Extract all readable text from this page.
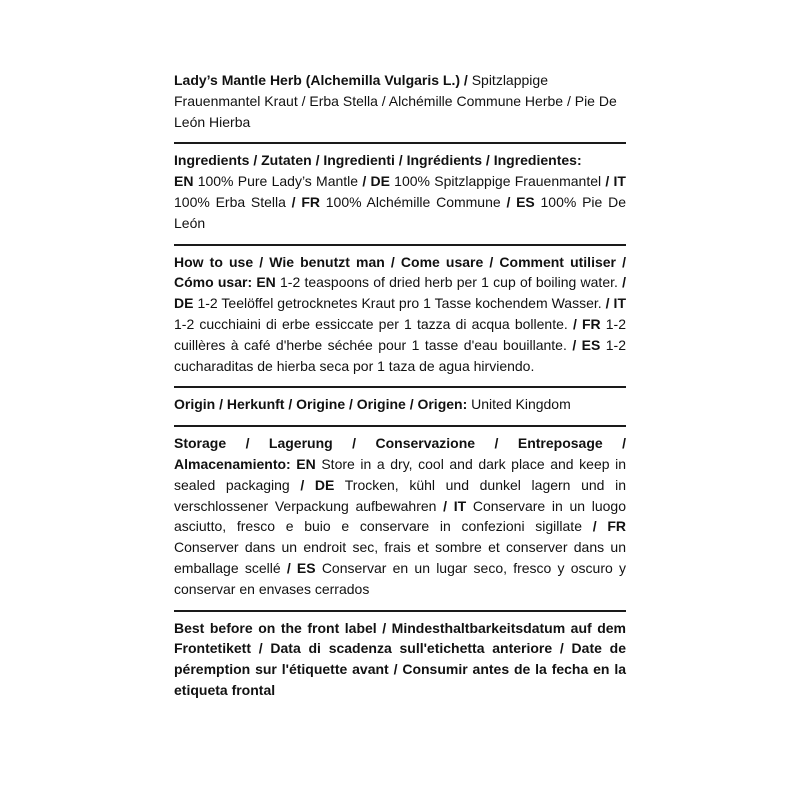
Lady’s Mantle Herb (Alchemilla Vulgaris L.) / Spitzlappige Frauenmantel Kraut / Erba Stella / Alchémille Commune Herbe / Pie De León Hierba

Ingredients / Zutaten / Ingredienti / Ingrédients / Ingredientes:
EN 100% Pure Lady’s Mantle / DE 100% Spitzlappige Frauenmantel / IT 100% Erba Stella / FR 100% Alchémille Commune / ES 100% Pie De León

How to use / Wie benutzt man / Come usare / Comment utiliser / Cómo usar: EN 1-2 teaspoons of dried herb per 1 cup of boiling water. / DE 1-2 Teelöffel getrocknetes Kraut pro 1 Tasse kochendem Wasser. / IT 1-2 cucchiaini di erbe essiccate per 1 tazza di acqua bollente. / FR 1-2 cuillères à café d'herbe séchée pour 1 tasse d'eau bouillante. / ES 1-2 cucharaditas de hierba seca por 1 taza de agua hirviendo.

Origin / Herkunft / Origine / Origine / Origen: United Kingdom

Storage / Lagerung / Conservazione / Entreposage / Almacenamiento: EN Store in a dry, cool and dark place and keep in sealed packaging / DE Trocken, kühl und dunkel lagern und in verschlossener Verpackung aufbewahren / IT Conservare in un luogo asciutto, fresco e buio e conservare in confezioni sigillate / FR Conserver dans un endroit sec, frais et sombre et conserver dans un emballage scellé / ES Conservar en un lugar seco, fresco y oscuro y conservar en envases cerrados

Best before on the front label / Mindesthaltbarkeitsdatum auf dem Frontetikett / Data di scadenza sull'etichetta anteriore / Date de péremption sur l'étiquette avant / Consumir antes de la fecha en la etiqueta frontal
